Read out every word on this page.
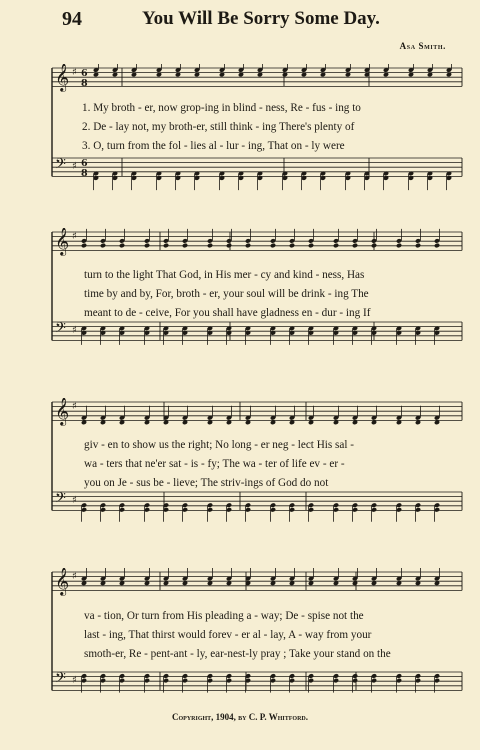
94	You Will Be Sorry Some Day.
Asa Smith.
𝄞 ♯ 6
8
𝄢 ♯ 6
8
1. My broth - er, now grop-ing in blind - ness, Re - fus - ing to
2. De - lay not, my broth-er, still think - ing There's plenty of
3. O, turn from the fol - lies al - lur - ing, That on - ly were
𝄞 ♯
𝄢 ♯
turn to the light That God, in His mer - cy and kind - ness, Has
time by and by, For, broth - er, your soul will be drink - ing The
meant to de - ceive, For you shall have gladness en - dur - ing If
𝄞 ♯
𝄢 ♯
giv - en to show us the right; No long - er neg - lect His sal -
wa - ters that ne'er sat - is - fy; The wa - ter of life ev - er -
you on Je - sus be - lieve; The striv-ings of God do not
𝄞 ♯
𝄢 ♯
va - tion, Or turn from His pleading a - way; De - spise not the
last - ing, That thirst would forev - er al - lay, A - way from your
smoth-er, Re - pent-ant - ly, ear-nest-ly pray ; Take your stand on the
Copyright, 1904, by C. P. Whitford.
